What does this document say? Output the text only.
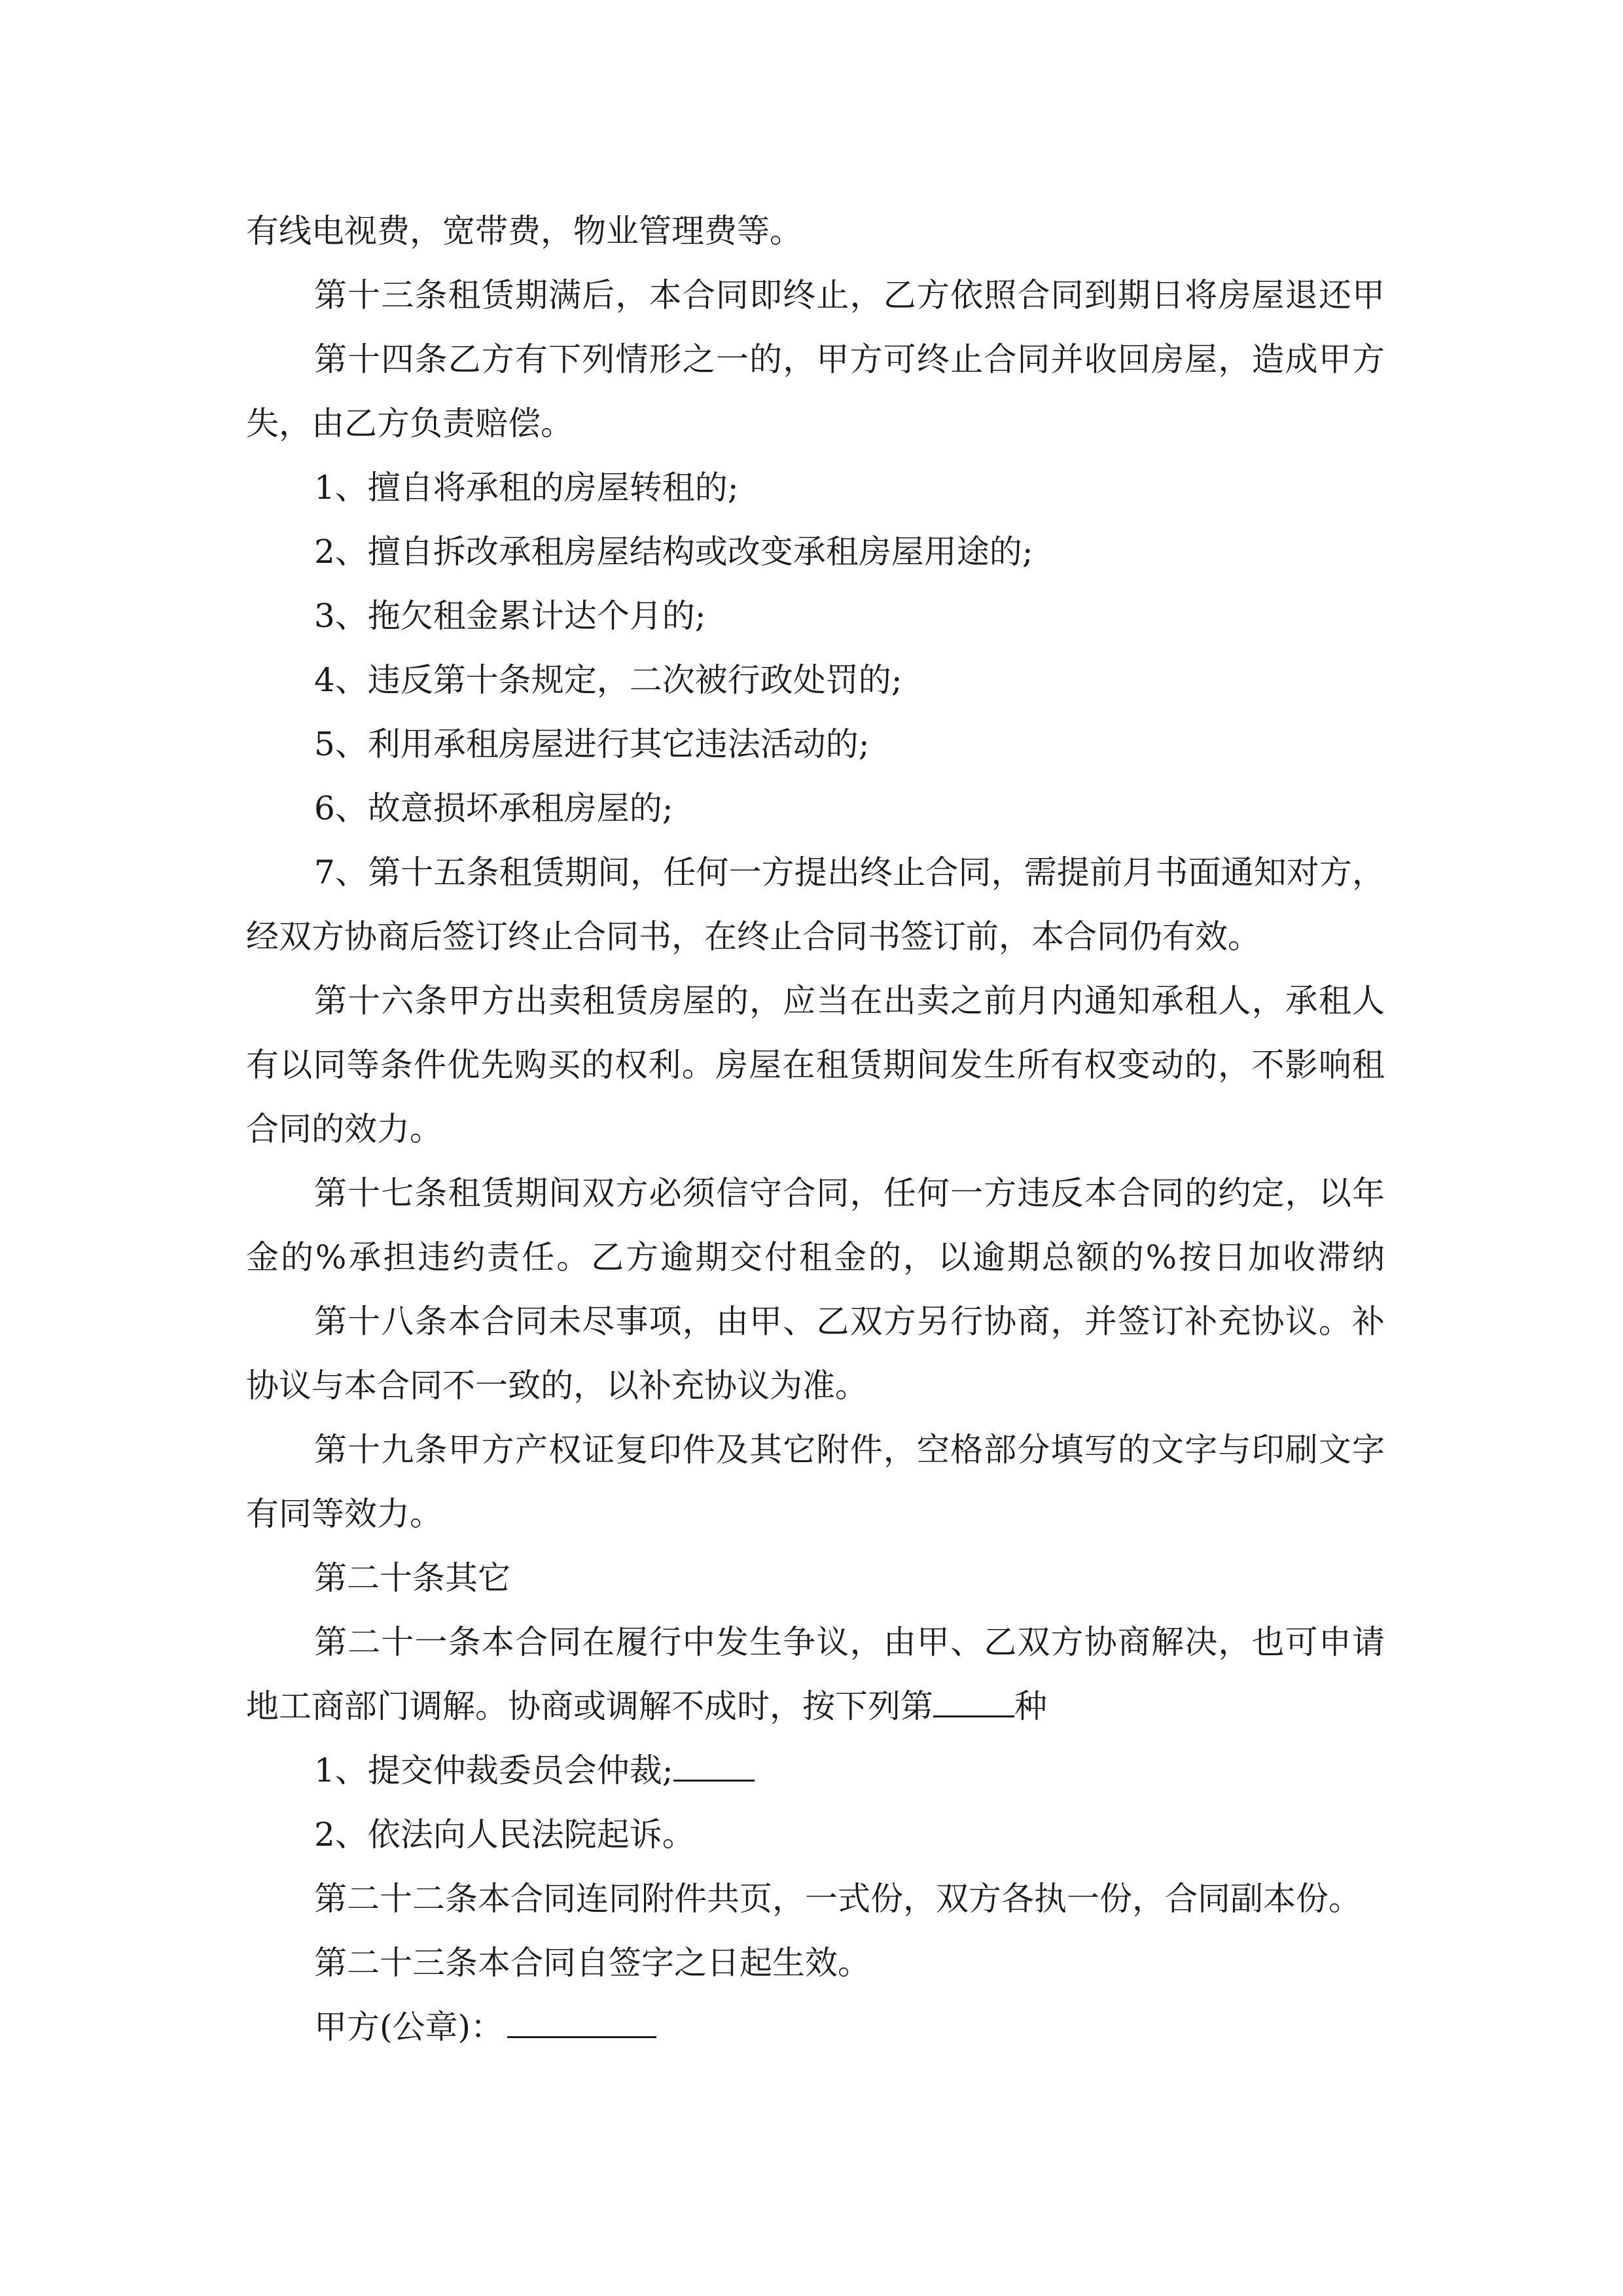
有线电视费，宽带费，物业管理费等。
第十三条租赁期满后，本合同即终止，乙方依照合同到期日将房屋退还甲
第十四条乙方有下列情形之一的，甲方可终止合同并收回房屋，造成甲方
失，由乙方负责赔偿。
1、擅自将承租的房屋转租的;
2、擅自拆改承租房屋结构或改变承租房屋用途的;
3、拖欠租金累计达个月的;
4、违反第十条规定，二次被行政处罚的;
5、利用承租房屋进行其它违法活动的;
6、故意损坏承租房屋的;
7、第十五条租赁期间，任何一方提出终止合同，需提前月书面通知对方，
经双方协商后签订终止合同书，在终止合同书签订前，本合同仍有效。
第十六条甲方出卖租赁房屋的，应当在出卖之前月内通知承租人，承租人
有以同等条件优先购买的权利。房屋在租赁期间发生所有权变动的，不影响租
合同的效力。
第十七条租赁期间双方必须信守合同，任何一方违反本合同的约定，以年
金的%承担违约责任。乙方逾期交付租金的，以逾期总额的%按日加收滞纳
第十八条本合同未尽事项，由甲、乙双方另行协商，并签订补充协议。补
协议与本合同不一致的，以补充协议为准。
第十九条甲方产权证复印件及其它附件，空格部分填写的文字与印刷文字
有同等效力。
第二十条其它
第二十一条本合同在履行中发生争议，由甲、乙双方协商解决，也可申请
地工商部门调解。协商或调解不成时，按下列第 种
1、提交仲裁委员会仲裁;
2、依法向人民法院起诉。
第二十二条本合同连同附件共页，一式份，双方各执一份，合同副本份。
第二十三条本合同自签字之日起生效。
甲方(公章)：
